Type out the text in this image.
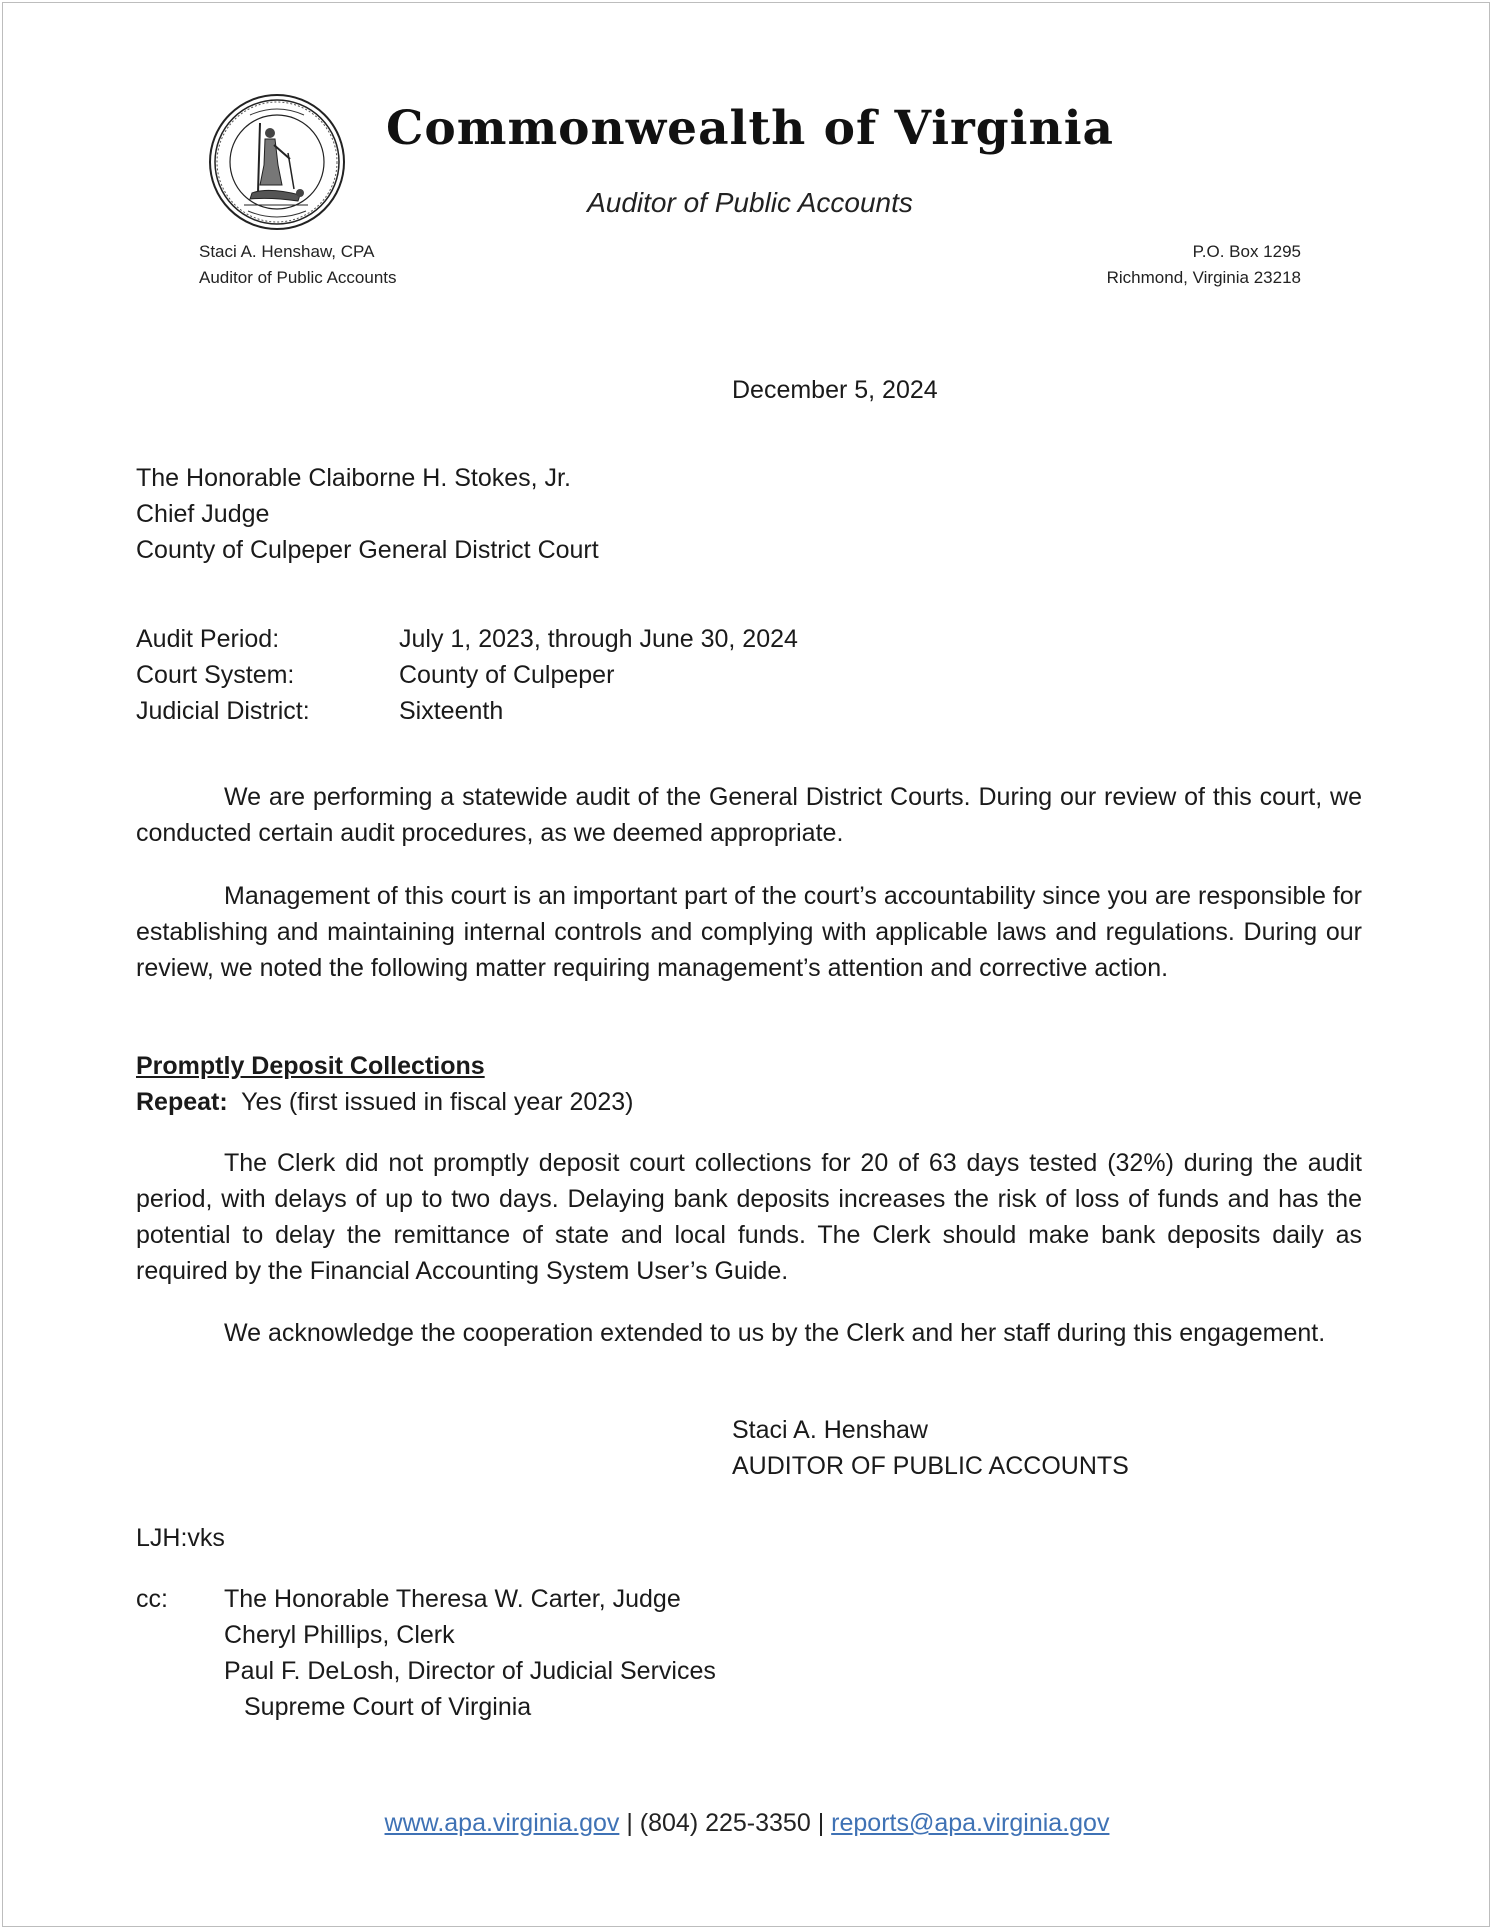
Commonwealth of Virginia
Auditor of Public Accounts
Staci A. Henshaw, CPA
Auditor of Public Accounts
P.O. Box 1295
Richmond, Virginia 23218
December 5, 2024
The Honorable Claiborne H. Stokes, Jr.
Chief Judge
County of Culpeper General District Court
Audit Period:	July 1, 2023, through June 30, 2024
Court System:	County of Culpeper
Judicial District:	Sixteenth

We are performing a statewide audit of the General District Courts. During our review of this court, we conducted certain audit procedures, as we deemed appropriate.

Management of this court is an important part of the court’s accountability since you are responsible for establishing and maintaining internal controls and complying with applicable laws and regulations. During our review, we noted the following matter requiring management’s attention and corrective action.

Promptly Deposit Collections
Repeat: Yes (first issued in fiscal year 2023)

The Clerk did not promptly deposit court collections for 20 of 63 days tested (32%) during the audit period, with delays of up to two days. Delaying bank deposits increases the risk of loss of funds and has the potential to delay the remittance of state and local funds. The Clerk should make bank deposits daily as required by the Financial Accounting System User’s Guide.

We acknowledge the cooperation extended to us by the Clerk and her staff during this engagement.

Staci A. Henshaw
AUDITOR OF PUBLIC ACCOUNTS
LJH:vks
cc:	The Honorable Theresa W. Carter, Judge
Cheryl Phillips, Clerk
Paul F. DeLosh, Director of Judicial Services
Supreme Court of Virginia
www.apa.virginia.gov | (804) 225-3350 | reports@apa.virginia.gov
